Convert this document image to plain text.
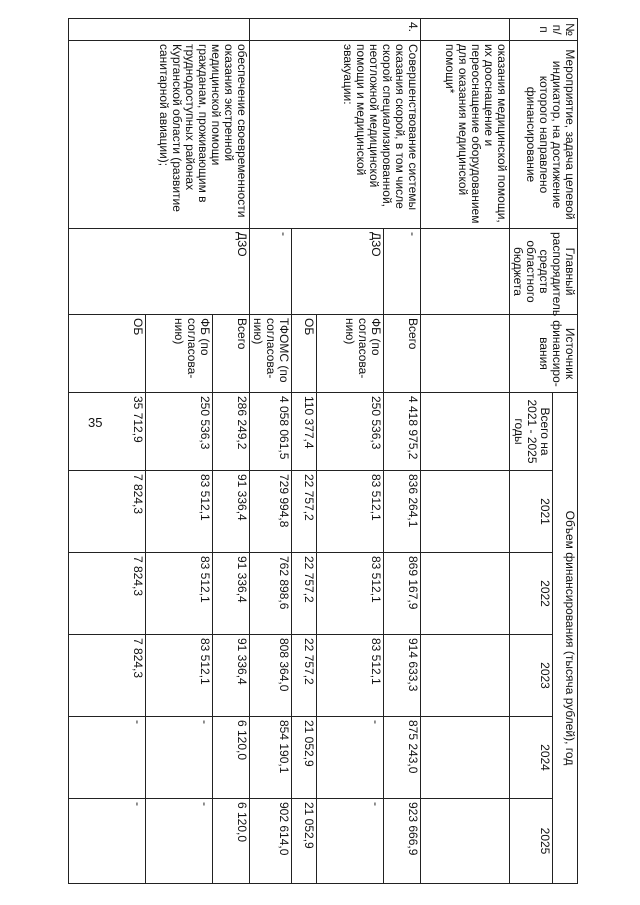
35
№ п/п	Мероприятие, задача целевой индикатор, на достижение которого направлено финансирование	Главный распорядитель средств областного бюджета	Источник финансиро-вания	Объем финансирования (тысяча рублей), год					
				Всего на 2021 - 2025 годы	2021	2022	2023	2024	2025
	оказания медицинской помощи, их дооснащение и переоснащение оборудованием для оказания медицинской помощи*								
4.	Совершенствование системы оказания скорой, в том числе скорой специализированной, неотложной медицинской помощи и медицинской эвакуации:	-	Всего	4 418 975,2	836 264,1	869 167,9	914 633,3	875 243,0	923 666,9
		ДЗО	ФБ (по согласова-нию)	250 536,3	83 512,1	83 512,1	83 512,1	-	-
			ОБ	110 377,4	22 757,2	22 757,2	22 757,2	21 052,9	21 052,9
		-	ТФОМС (по согласова-нию)	4 058 061,5	729 994,8	762 898,6	808 364,0	854 190,1	902 614,0
	обеспечение своевременности оказания экстренной медицинской помощи гражданам, проживающим в труднодоступных районах Курганской области (развитие санитарной авиации);	ДЗО	Всего	286 249,2	91 336,4	91 336,4	91 336,4	6 120,0	6 120,0
			ФБ (по согласова-нию)	250 536,3	83 512,1	83 512,1	83 512,1	-	-
			ОБ	35 712,9	7 824,3	7 824,3	7 824,3	-	-
